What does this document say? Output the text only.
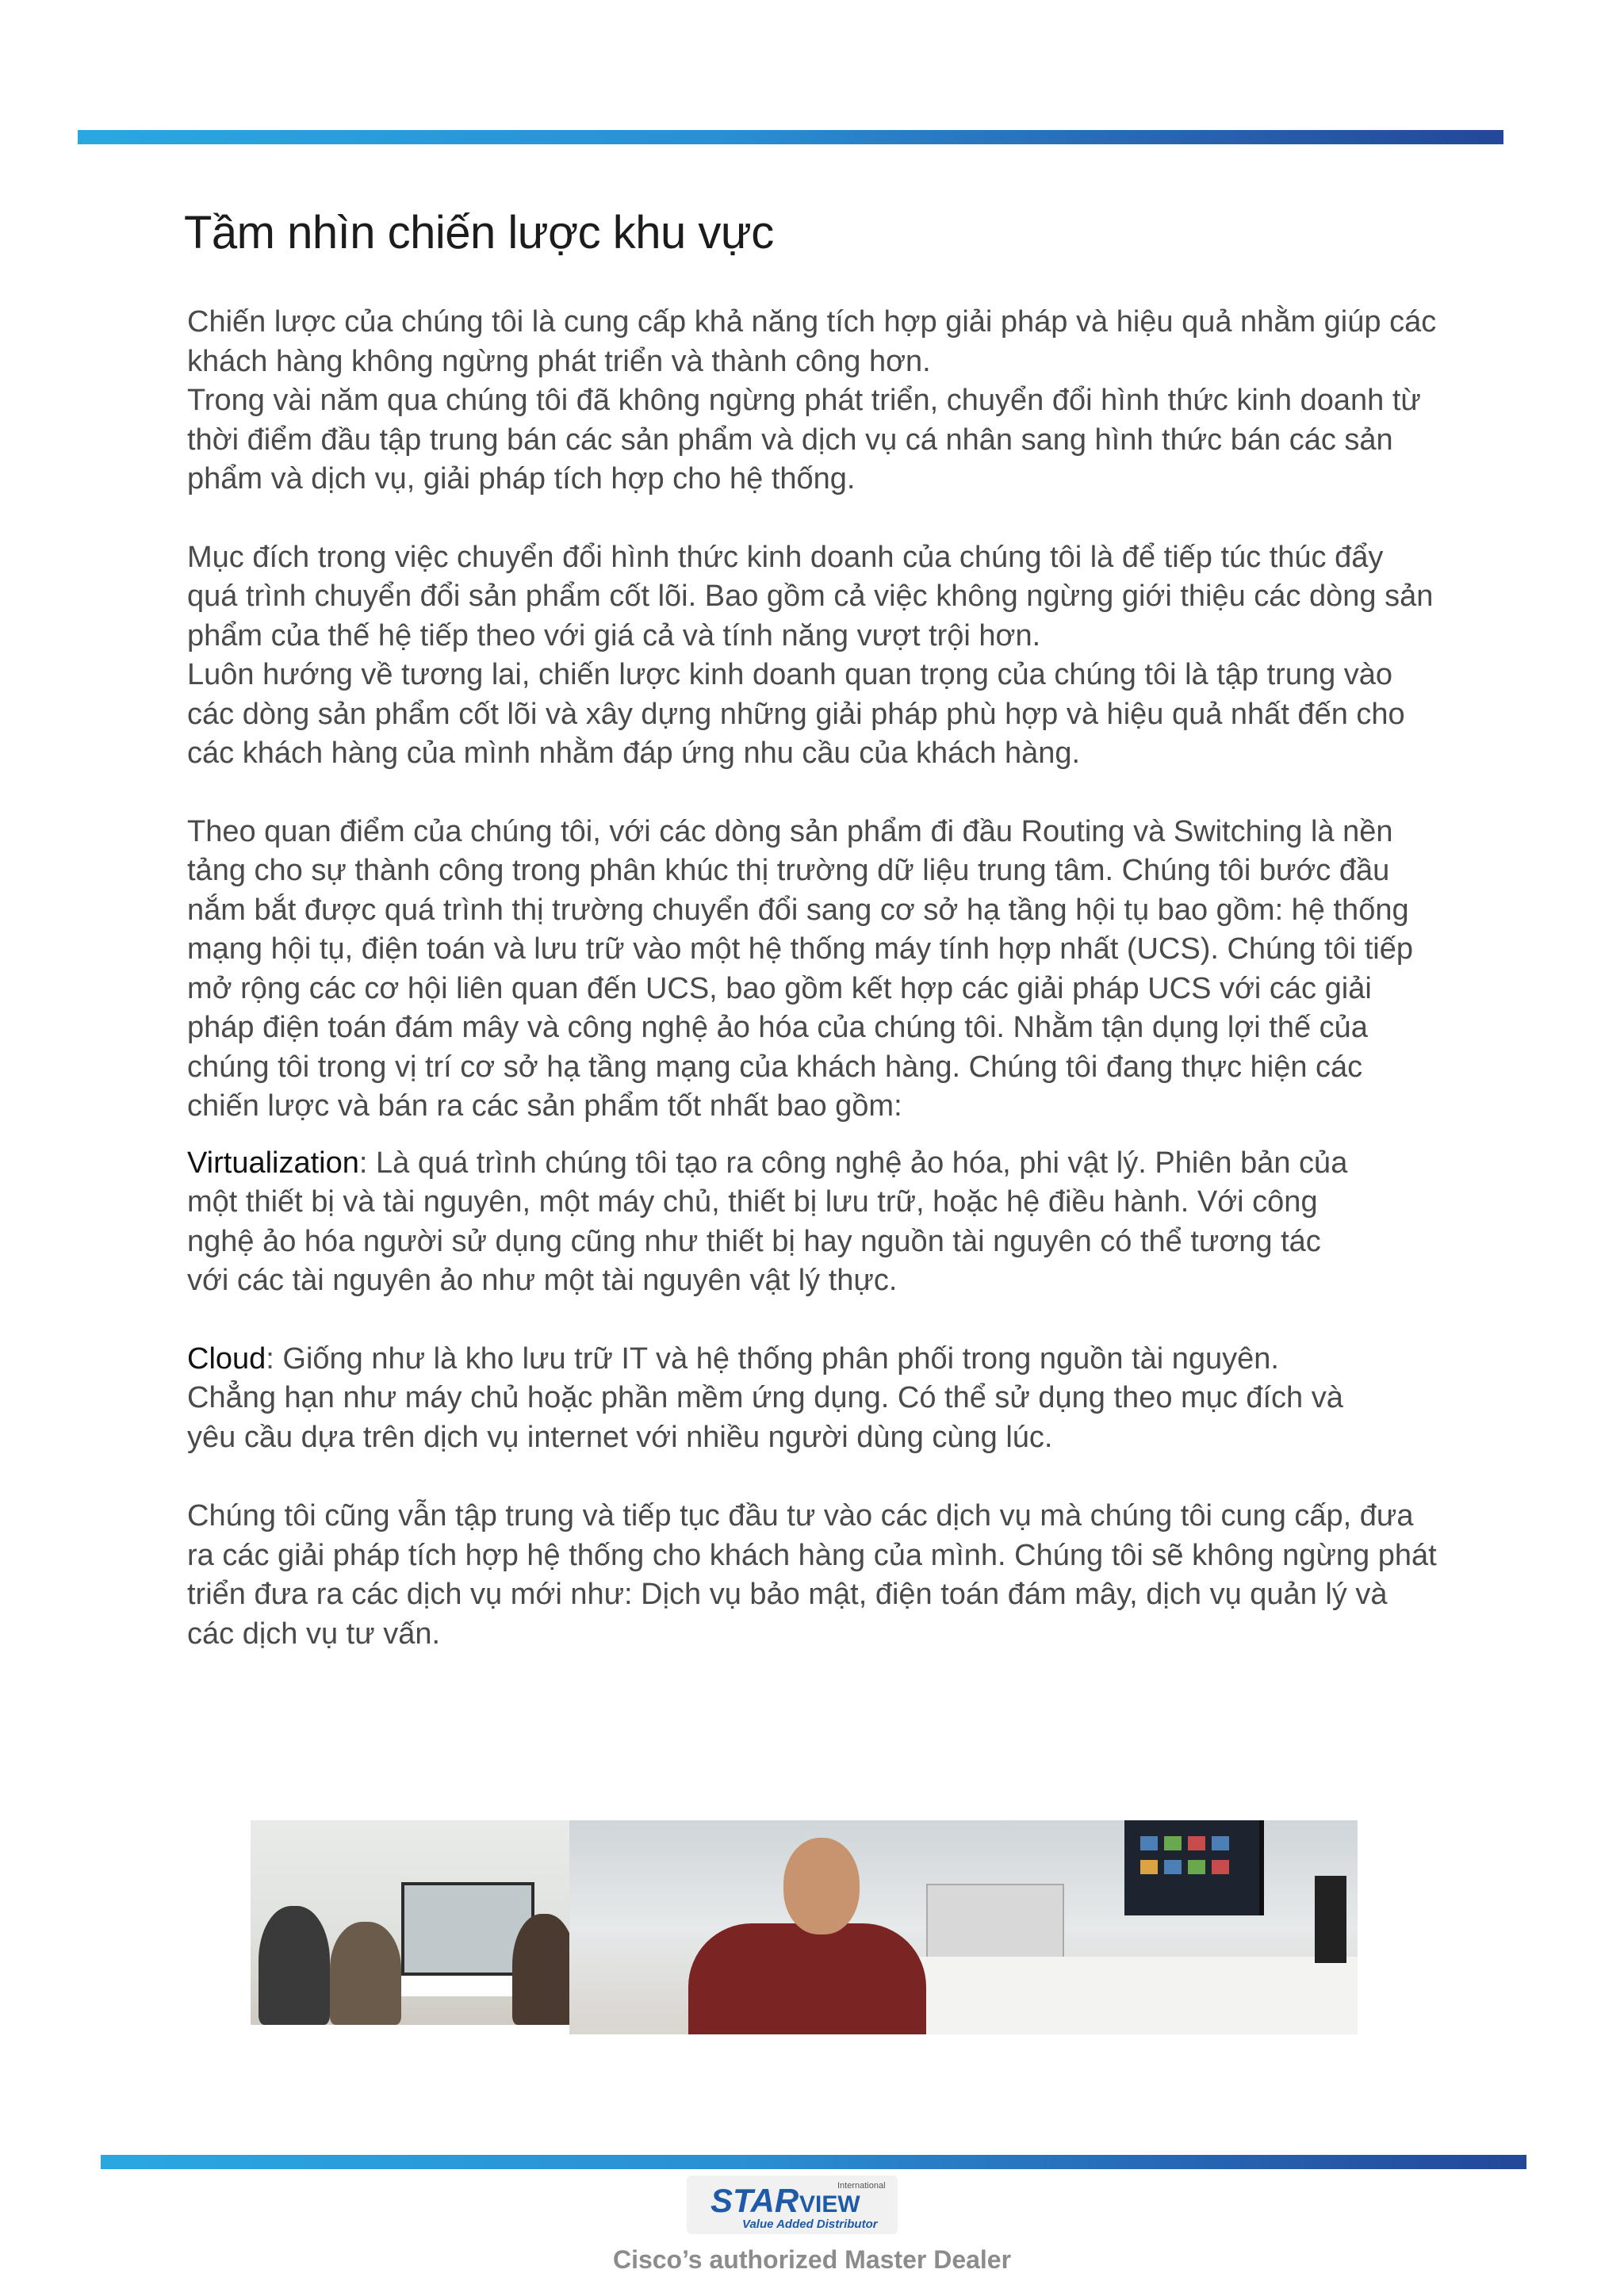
Tầm nhìn chiến lược khu vực

Chiến lược của chúng tôi là cung cấp khả năng tích hợp giải pháp và hiệu quả nhằm giúp các khách hàng không ngừng phát triển và thành công hơn.

Trong vài năm qua chúng tôi đã không ngừng phát triển, chuyển đổi hình thức kinh doanh từ thời điểm đầu tập trung bán các sản phẩm và dịch vụ cá nhân sang hình thức bán các sản phẩm và dịch vụ, giải pháp tích hợp cho hệ thống.

Mục đích trong việc chuyển đổi hình thức kinh doanh của chúng tôi là để tiếp túc thúc đẩy quá trình chuyển đổi sản phẩm cốt lõi. Bao gồm cả việc không ngừng giới thiệu các dòng sản phẩm của thế hệ tiếp theo với giá cả và tính năng vượt trội hơn.

Luôn hướng về tương lai, chiến lược kinh doanh quan trọng của chúng tôi là tập trung vào các dòng sản phẩm cốt lõi và xây dựng những giải pháp phù hợp và hiệu quả nhất đến cho các khách hàng của mình nhằm đáp ứng nhu cầu của khách hàng.

Theo quan điểm của chúng tôi, với các dòng sản phẩm đi đầu Routing và Switching là nền tảng cho sự thành công trong phân khúc thị trường dữ liệu trung tâm. Chúng tôi bước đầu nắm bắt được quá trình thị trường chuyển đổi sang cơ sở hạ tầng hội tụ bao gồm: hệ thống mạng hội tụ, điện toán và lưu trữ vào một hệ thống máy tính hợp nhất (UCS). Chúng tôi tiếp mở rộng các cơ hội liên quan đến UCS, bao gồm kết hợp các giải pháp UCS với các giải pháp điện toán đám mây và công nghệ ảo hóa của chúng tôi. Nhằm tận dụng lợi thế của chúng tôi trong vị trí cơ sở hạ tầng mạng của khách hàng. Chúng tôi đang thực hiện các chiến lược và bán ra các sản phẩm tốt nhất bao gồm:

Virtualization: Là quá trình chúng tôi tạo ra công nghệ ảo hóa, phi vật lý. Phiên bản của một thiết bị và tài nguyên, một máy chủ, thiết bị lưu trữ, hoặc hệ điều hành. Với công nghệ ảo hóa người sử dụng cũng như thiết bị hay nguồn tài nguyên có thể tương tác với các tài nguyên ảo như một tài nguyên vật lý thực.

Cloud: Giống như là kho lưu trữ IT và hệ thống phân phối trong nguồn tài nguyên. Chẳng hạn như máy chủ hoặc phần mềm ứng dụng. Có thể sử dụng theo mục đích và yêu cầu dựa trên dịch vụ internet với nhiều người dùng cùng lúc.

Chúng tôi cũng vẫn tập trung và tiếp tục đầu tư vào các dịch vụ mà chúng tôi cung cấp, đưa ra các giải pháp tích hợp hệ thống cho khách hàng của mình. Chúng tôi sẽ không ngừng phát triển đưa ra các dịch vụ mới như: Dịch vụ bảo mật, điện toán đám mây, dịch vụ quản lý và các dịch vụ tư vấn.

STAR VIEW
International
Value Added Distributor
Cisco’s authorized Master Dealer
